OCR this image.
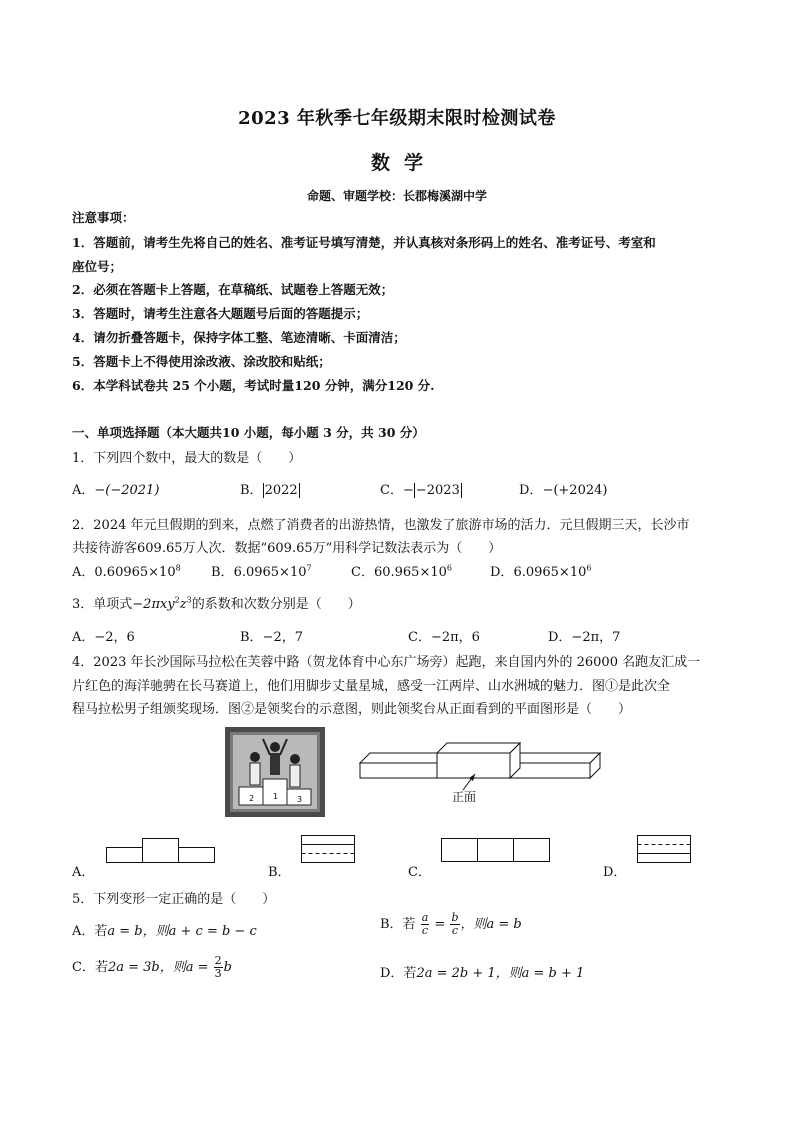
2023 年秋季七年级期末限时检测试卷
数学
命题、审题学校：长郡梅溪湖中学
注意事项：
1．答题前，请考生先将自己的姓名、准考证号填写清楚，并认真核对条形码上的姓名、准考证号、考室和
座位号；
2．必须在答题卡上答题，在草稿纸、试题卷上答题无效；
3．答题时，请考生注意各大题题号后面的答题提示；
4．请勿折叠答题卡，保持字体工整、笔迹清晰、卡面清洁；
5．答题卡上不得使用涂改液、涂改胶和贴纸；
6．本学科试卷共 25 个小题，考试时量120 分钟，满分120 分.
一、单项选择题（本大题共10 小题，每小题 3 分，共 30 分）
1．下列四个数中，最大的数是（　　）
A．−(−2021)	B． 2022	C．− −2023	D．−(+2024)
2．2024 年元旦假期的到来，点燃了消费者的出游热情，也激发了旅游市场的活力．元旦假期三天，长沙市
共接待游客609.65万人次．数据“609.65万”用科学记数法表示为（　　）
A．$0.60965\times 10^8$ B．$6.0965\times 10^7$	C．$60.965\times 10^6$	D．$6.0965\times 10^6$
3．单项式$-2\pi xy^2z^3$的系数和次数分别是（　　）
A．−2，6	B．−2，7	C．−2π，6	D．−2π，7
4．2023 年长沙国际马拉松在芙蓉中路（贺龙体育中心东广场旁）起跑，来自国内外的 26000 名跑友汇成一
片红色的海洋驰骋在长马赛道上，他们用脚步丈量星城，感受一江两岸、山水洲城的魅力．图①是此次全
程马拉松男子组颁奖现场．图②是领奖台的示意图，则此领奖台从正面看到的平面图形是（　　）
2 1 3	正面
A．	B．	C．	D．
5．下列变形一定正确的是（　　）
A．若a = b，则a + c = b − c	B．若 $\frac{a}{c} = \frac{b}{c}$ ，则a = b
C．若2a = 3b，则$a = \frac{2}{3}$ b	D．若2a = 2b + 1，则a = b + 1
